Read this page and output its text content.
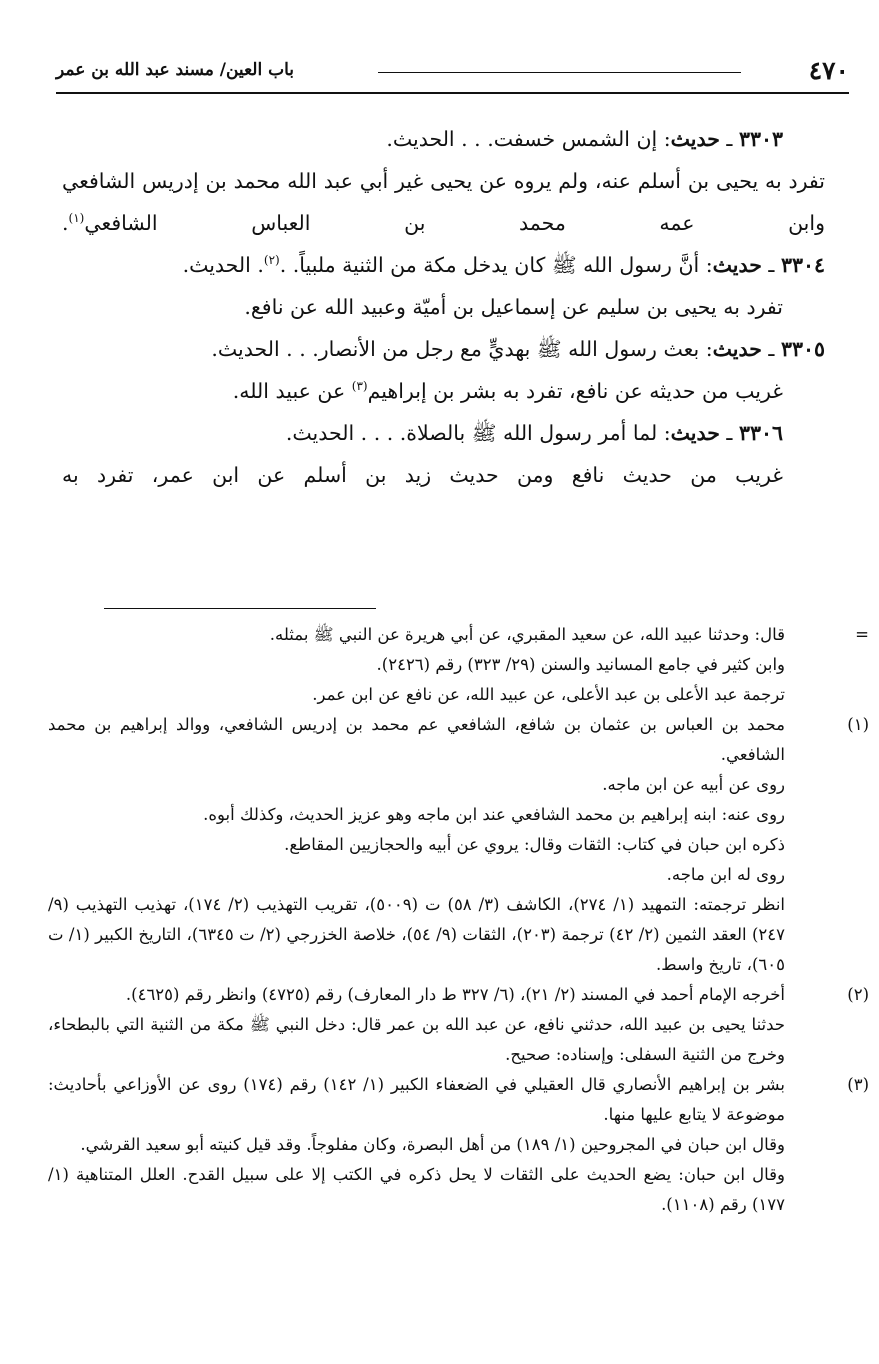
٤٧٠
باب العين/ مسند عبد الله بن عمر

٣٣٠٣ ـ حديث: إن الشمس خسفت. . . الحديث.

تفرد به يحيى بن أسلم عنه، ولم يروه عن يحيى غير أبي عبد الله محمد بن إدريس الشافعي وابن عمه محمد بن العباس الشافعي$^{(١)}$.

٣٣٠٤ ـ حديث: أنَّ رسول الله ﷺ كان يدخل مكة من الثنية ملبياً. .$^{(٢)}$. الحديث.

تفرد به يحيى بن سليم عن إسماعيل بن أميّة وعبيد الله عن نافع.

٣٣٠٥ ـ حديث: بعث رسول الله ﷺ بهديٍّ مع رجل من الأنصار. . . الحديث.

غريب من حديثه عن نافع، تفرد به بشر بن إبراهيم$^{(٣)}$ عن عبيد الله.

٣٣٠٦ ـ حديث: لما أمر رسول الله ﷺ بالصلاة. . . . الحديث.

غريب من حديث نافع ومن حديث زيد بن أسلم عن ابن عمر، تفرد به

=قال: وحدثنا عبيد الله، عن سعيد المقبري، عن أبي هريرة عن النبي ﷺ بمثله.

وابن كثير في جامع المسانيد والسنن (٢٩/ ٣٢٣) رقم (٢٤٢٦).

ترجمة عبد الأعلى بن عبد الأعلى، عن عبيد الله، عن نافع عن ابن عمر.

(١)محمد بن العباس بن عثمان بن شافع، الشافعي عم محمد بن إدريس الشافعي، ووالد إبراهيم بن محمد الشافعي.

روى عن أبيه عن ابن ماجه.

روى عنه: ابنه إبراهيم بن محمد الشافعي عند ابن ماجه وهو عزيز الحديث، وكذلك أبوه.

ذكره ابن حبان في كتاب: الثقات وقال: يروي عن أبيه والحجازيين المقاطع.

روى له ابن ماجه.

انظر ترجمته: التمهيد (١/ ٢٧٤)، الكاشف (٣/ ٥٨) ت (٥٠٠٩)، تقريب التهذيب (٢/ ١٧٤)، تهذيب التهذيب (٩/ ٢٤٧) العقد الثمين (٢/ ٤٢) ترجمة (٢٠٣)، الثقات (٩/ ٥٤)، خلاصة الخزرجي (٢/ ت ٦٣٤٥)، التاريخ الكبير (١/ ت ٦٠٥)، تاريخ واسط.

(٢)أخرجه الإمام أحمد في المسند (٢/ ٢١)، (٦/ ٣٢٧ ط دار المعارف) رقم (٤٧٢٥) وانظر رقم (٤٦٢٥).

حدثنا يحيى بن عبيد الله، حدثني نافع، عن عبد الله بن عمر قال: دخل النبي ﷺ مكة من الثنية التي بالبطحاء، وخرج من الثنية السفلى: وإسناده: صحيح.

(٣)بشر بن إبراهيم الأنصاري قال العقيلي في الضعفاء الكبير (١/ ١٤٢) رقم (١٧٤) روى عن الأوزاعي بأحاديث: موضوعة لا يتابع عليها منها.

وقال ابن حبان في المجروحين (١/ ١٨٩) من أهل البصرة، وكان مفلوجاً. وقد قيل كنيته أبو سعيد القرشي.

وقال ابن حبان: يضع الحديث على الثقات لا يحل ذكره في الكتب إلا على سبيل القدح. العلل المتناهية (١/ ١٧٧) رقم (١١٠٨).
